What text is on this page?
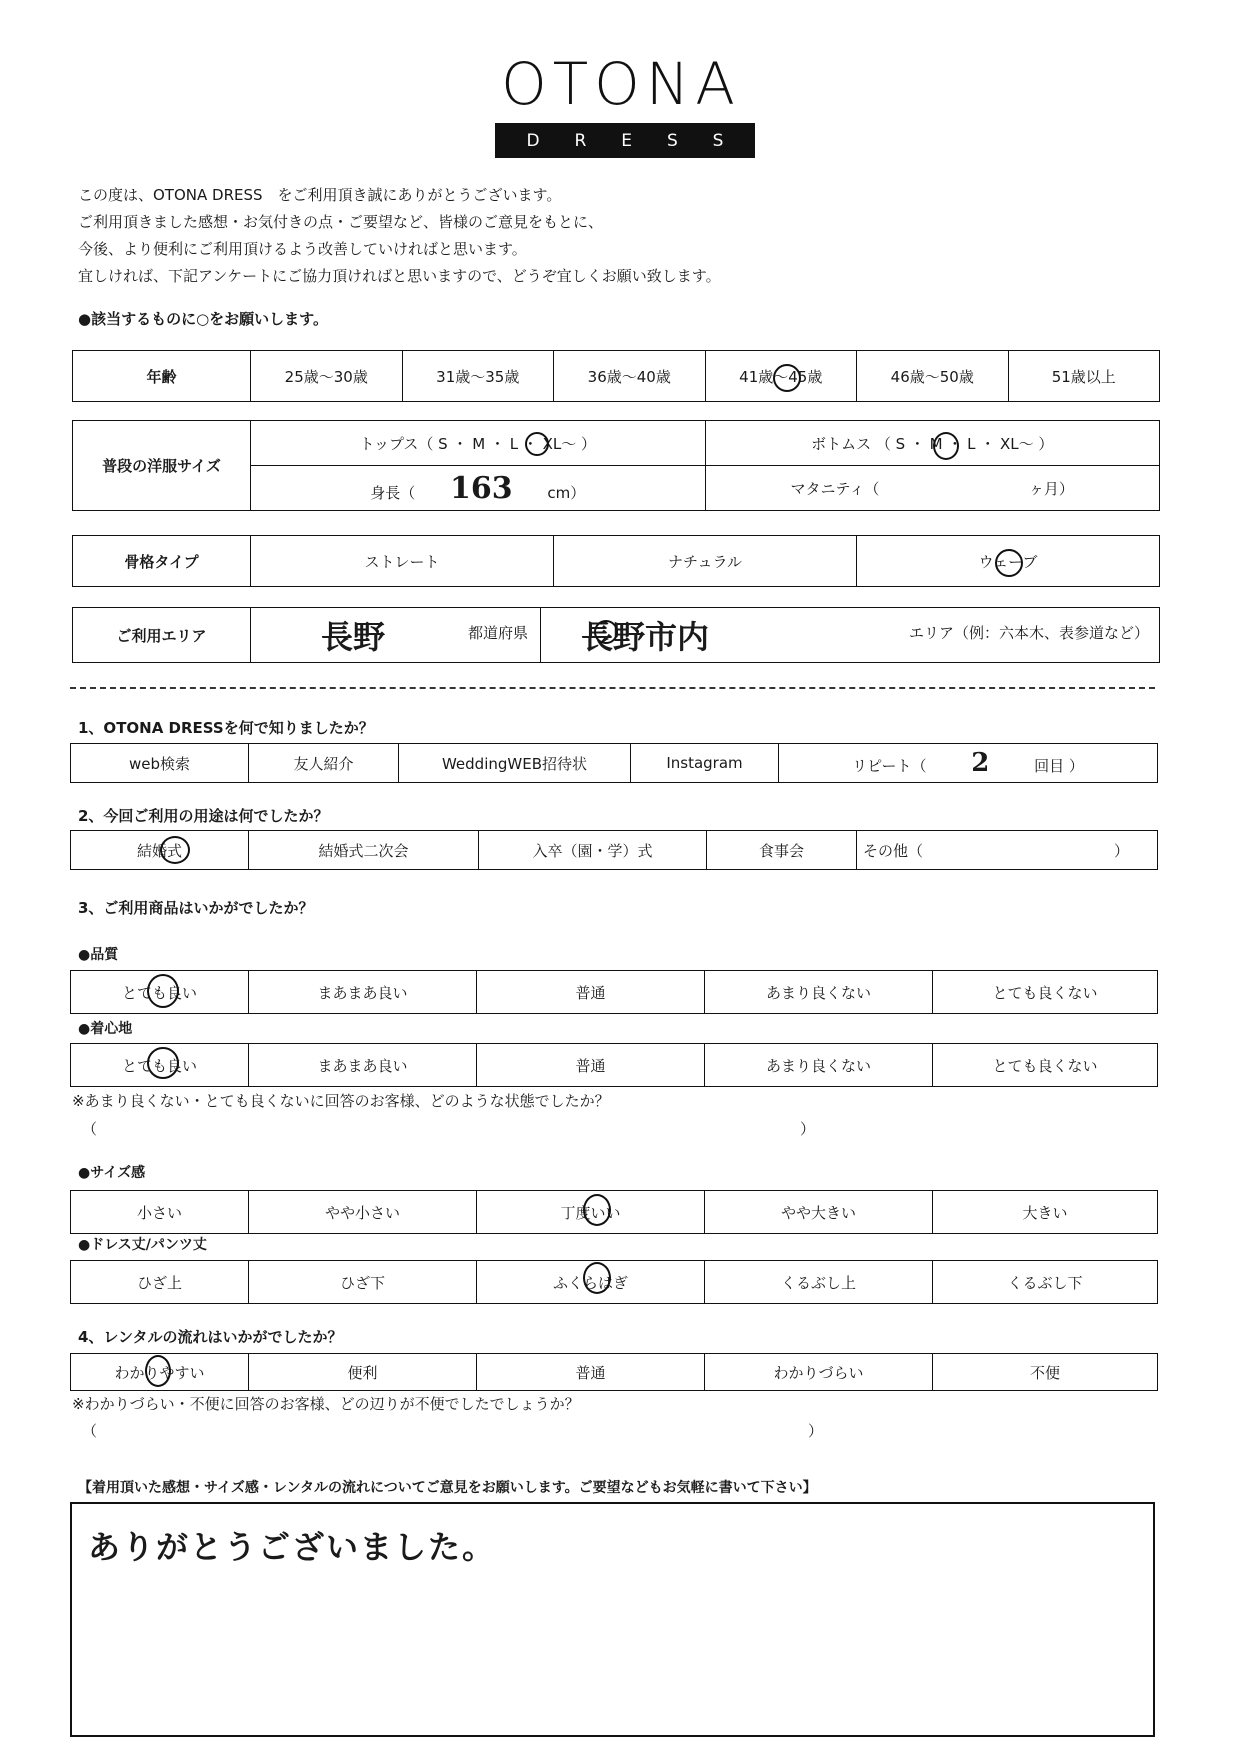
OTONA
D R E S S
この度は、OTONA DRESS　をご利用頂き誠にありがとうございます。
ご利用頂きました感想・お気付きの点・ご要望など、皆様のご意見をもとに、
今後、より便利にご利用頂けるよう改善していければと思います。
宜しければ、下記アンケートにご協力頂ければと思いますので、どうぞ宜しくお願い致します。
●該当するものに○をお願いします。
年齢	25歳～30歳	31歳～35歳	36歳～40歳	41歳～45歳	46歳～50歳	51歳以上
普段の洋服サイズ	トップス（ S ・ M ・ L ・ XL～ ）	ボトムス （ S ・ M ・ L ・ XL～ ）
	身長（ 163 cm）	マタニティ（ ヶ月）
骨格タイプ	ストレート	ナチュラル	ウェーブ
ご利用エリア	長野	都道府県	長野市内	エリア（例：六本木、表参道など）
1、OTONA DRESSを何で知りましたか？
web検索	友人紹介	WeddingWEB招待状	Instagram	リピート（ 2	回目 ）
2、今回ご利用の用途は何でしたか？
結婚式	結婚式二次会	入卒（園・学）式	食事会	その他（	）
3、ご利用商品はいかがでしたか？
●品質
とても良い	まあまあ良い	普通	あまり良くない	とても良くない
●着心地
とても良い	まあまあ良い	普通	あまり良くない	とても良くない
※あまり良くない・とても良くないに回答のお客様、どのような状態でしたか？
（	）
●サイズ感
小さい	やや小さい	丁度いい	やや大きい	大きい
●ドレス丈/パンツ丈
ひざ上	ひざ下	ふくらはぎ	くるぶし上	くるぶし下
4、レンタルの流れはいかがでしたか？
わかりやすい	便利	普通	わかりづらい	不便
※わかりづらい・不便に回答のお客様、どの辺りが不便でしたでしょうか？
（	）
【着用頂いた感想・サイズ感・レンタルの流れについてご意見をお願いします。ご要望などもお気軽に書いて下さい】
ありがとうございました。
